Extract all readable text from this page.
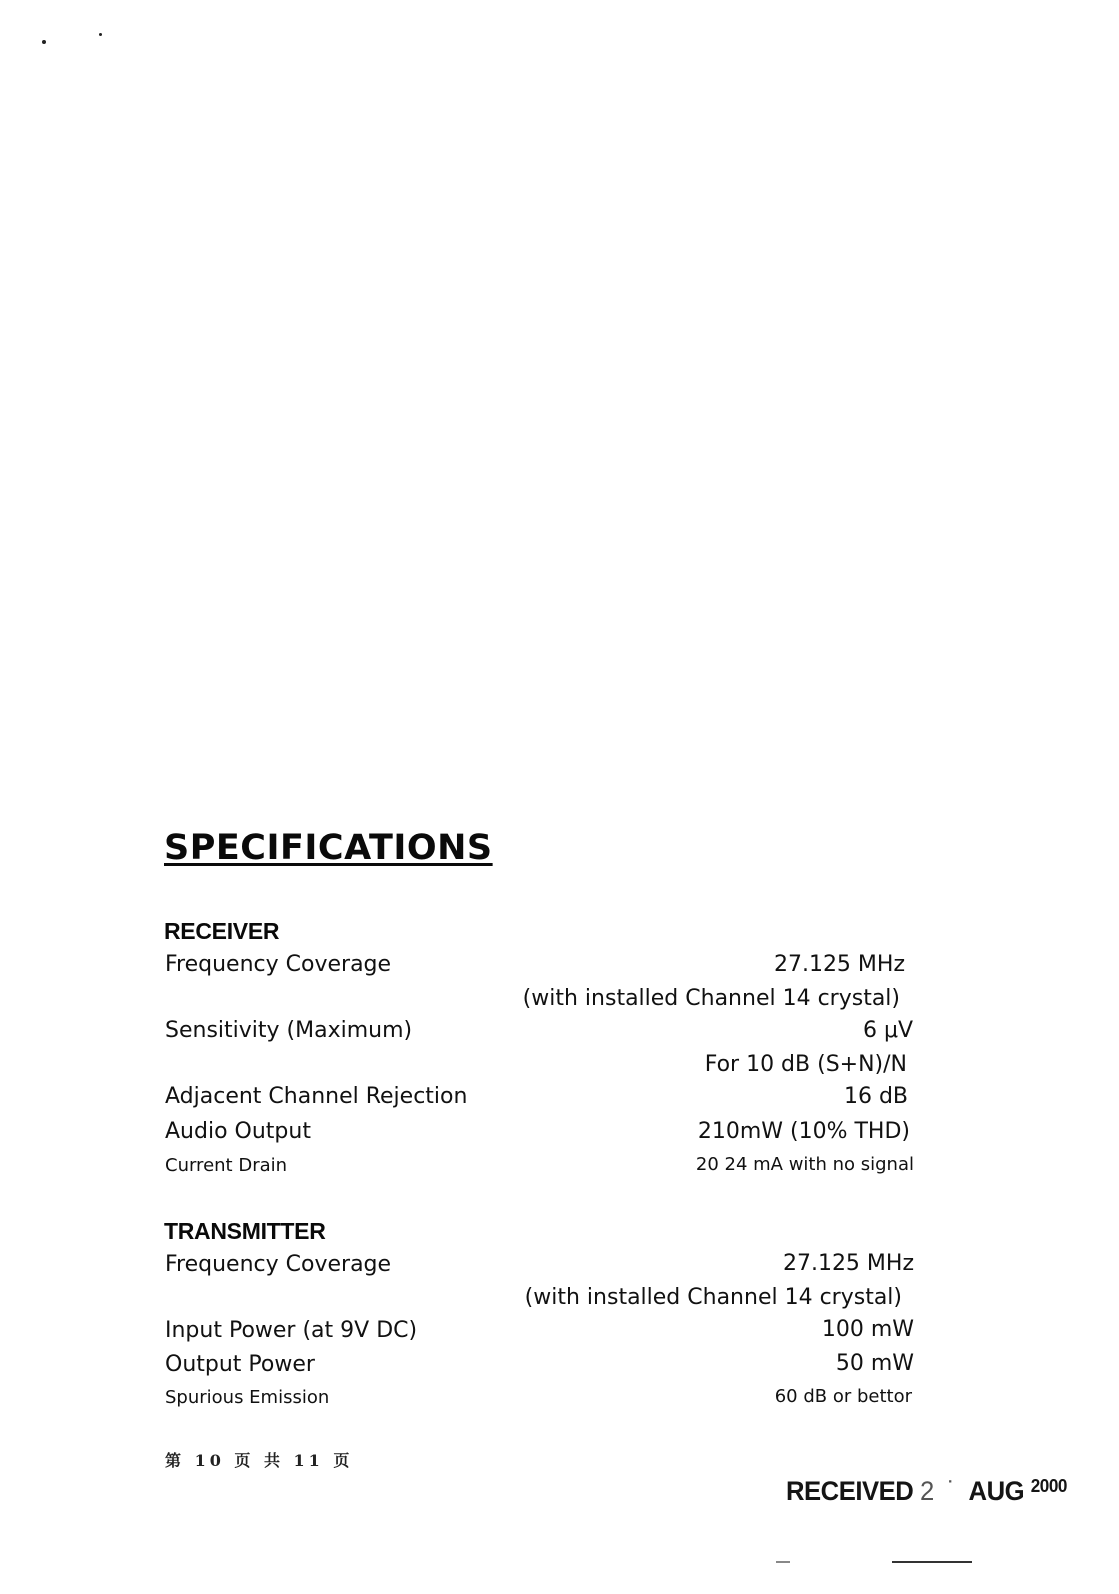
SPECIFICATIONS
RECEIVER
Frequency Coverage	27.125 MHz
(with installed Channel 14 crystal)
Sensitivity (Maximum)	6 μV
For 10 dB (S+N)/N
Adjacent Channel Rejection	16 dB
Audio Output	210mW (10% THD)
Current Drain	20 24 mA with no signal
TRANSMITTER
Frequency Coverage	27.125 MHz
(with installed Channel 14 crystal)
Input Power (at 9V DC)	100 mW
Output Power	50 mW
Spurious Emission	60 dB or bettor
第 10 页 共 11 页
RECEIVED 2  ˙  AUG 2000
